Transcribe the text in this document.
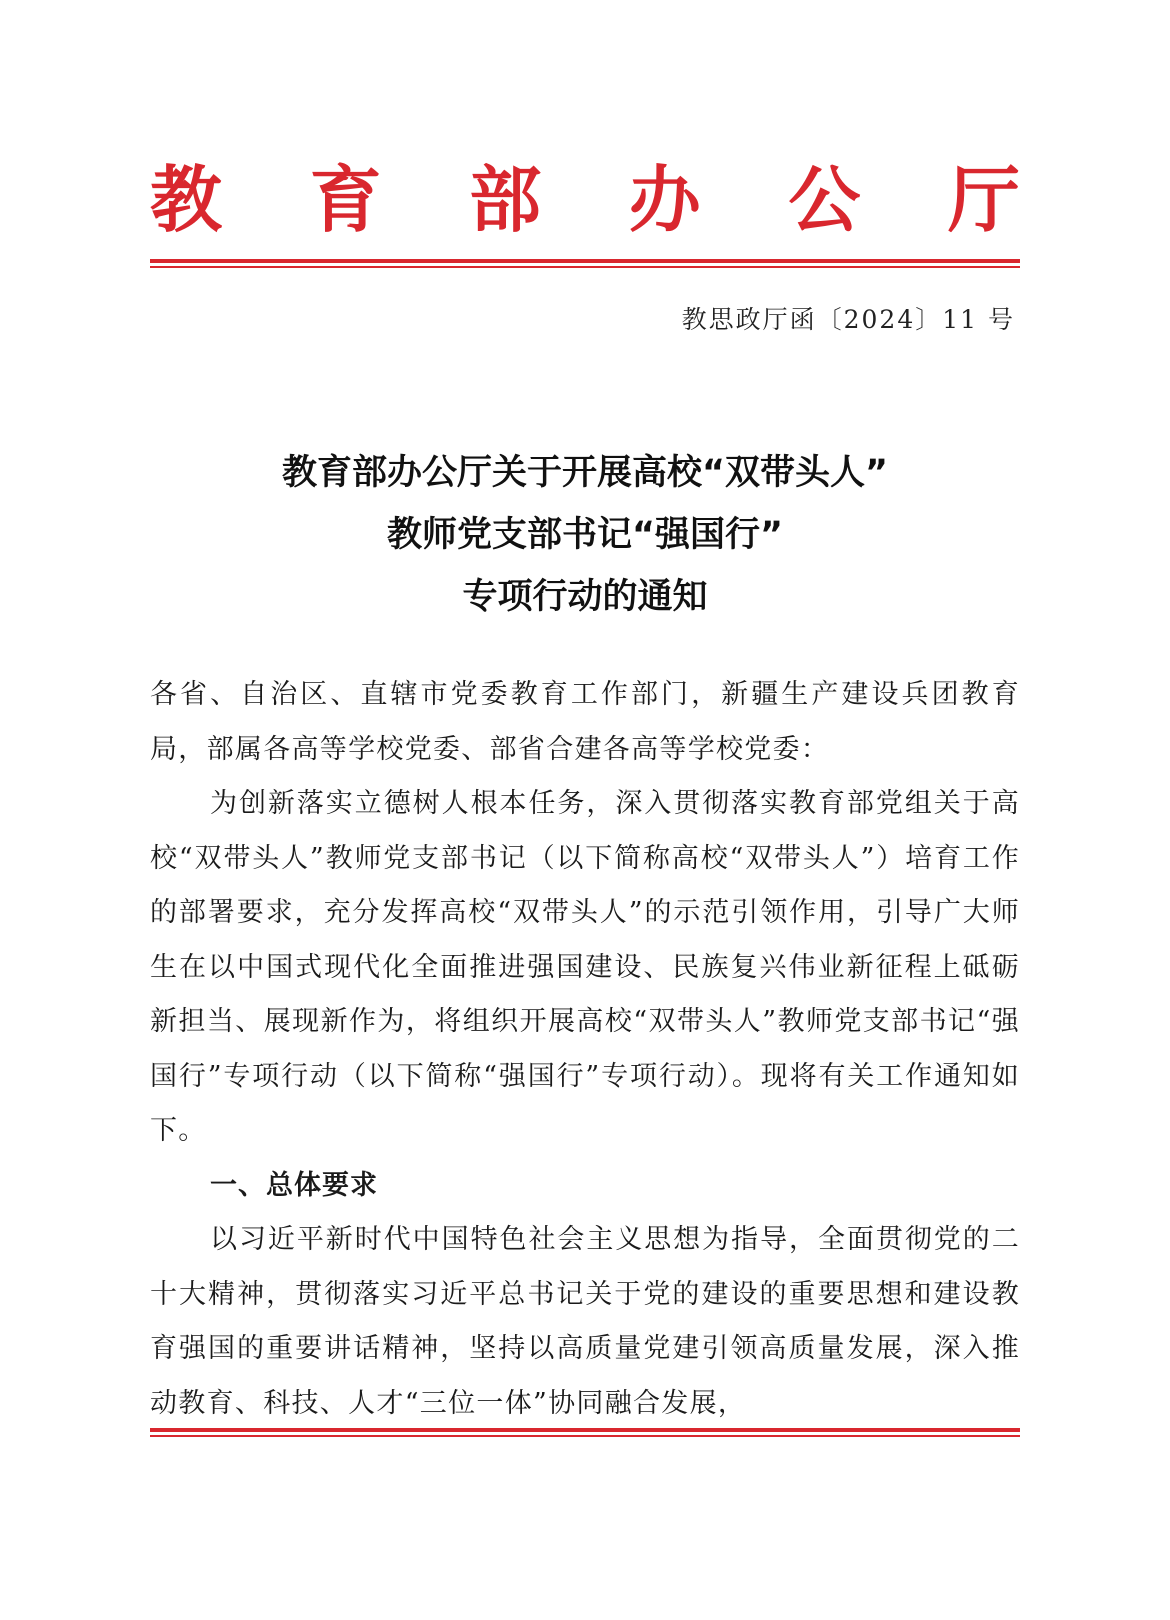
教 育 部 办 公 厅
教思政厅函〔2024〕11 号
教育部办公厅关于开展高校“双带头人”
教师党支部书记“强国行”
专项行动的通知

各省、自治区、直辖市党委教育工作部门，新疆生产建设兵团教育局，部属各高等学校党委、部省合建各高等学校党委：

为创新落实立德树人根本任务，深入贯彻落实教育部党组关于高校“双带头人”教师党支部书记（以下简称高校“双带头人”）培育工作的部署要求，充分发挥高校“双带头人”的示范引领作用，引导广大师生在以中国式现代化全面推进强国建设、民族复兴伟业新征程上砥砺新担当、展现新作为，将组织开展高校“双带头人”教师党支部书记“强国行”专项行动（以下简称“强国行”专项行动）。现将有关工作通知如下。

一、总体要求

以习近平新时代中国特色社会主义思想为指导，全面贯彻党的二十大精神，贯彻落实习近平总书记关于党的建设的重要思想和建设教育强国的重要讲话精神，坚持以高质量党建引领高质量发展，深入推动教育、科技、人才“三位一体”协同融合发展，
